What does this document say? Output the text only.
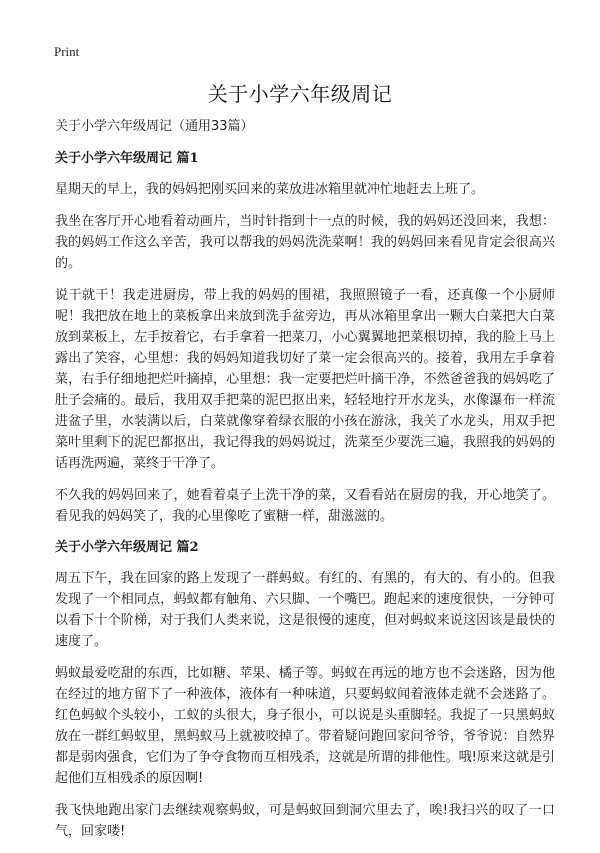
Print
关于小学六年级周记

关于小学六年级周记（通用33篇）

关于小学六年级周记 篇1

星期天的早上，我的妈妈把刚买回来的菜放进冰箱里就冲忙地赶去上班了。

我坐在客厅开心地看着动画片，当时针指到十一点的时候，我的妈妈还没回来，我想：我的妈妈工作这么辛苦，我可以帮我的妈妈洗洗菜啊！我的妈妈回来看见肯定会很高兴的。

说干就干！我走进厨房，带上我的妈妈的围裙，我照照镜子一看，还真像一个小厨师呢！我把放在地上的菜板拿出来放到洗手盆旁边，再从冰箱里拿出一颗大白菜把大白菜放到菜板上，左手按着它，右手拿着一把菜刀，小心翼翼地把菜根切掉，我的脸上马上露出了笑容，心里想：我的妈妈知道我切好了菜一定会很高兴的。接着，我用左手拿着菜，右手仔细地把烂叶摘掉，心里想：我一定要把烂叶摘干净，不然爸爸我的妈妈吃了肚子会痛的。最后，我用双手把菜的泥巴抠出来，轻轻地拧开水龙头，水像瀑布一样流进盆子里，水装满以后，白菜就像穿着绿衣服的小孩在游泳，我关了水龙头，用双手把菜叶里剩下的泥巴都抠出，我记得我的妈妈说过，洗菜至少要洗三遍，我照我的妈妈的话再洗两遍，菜终于干净了。

不久我的妈妈回来了，她看着桌子上洗干净的菜，又看看站在厨房的我，开心地笑了。看见我的妈妈笑了，我的心里像吃了蜜糖一样，甜滋滋的。

关于小学六年级周记 篇2

周五下午，我在回家的路上发现了一群蚂蚁。有红的、有黑的，有大的、有小的。但我发现了一个相同点，蚂蚁都有触角、六只脚、一个嘴巴。跑起来的速度很快，一分钟可以看下十个阶梯，对于我们人类来说，这是很慢的速度，但对蚂蚁来说这因该是最快的速度了。

蚂蚁最爱吃甜的东西，比如糖、苹果、橘子等。蚂蚁在再远的地方也不会迷路，因为他在经过的地方留下了一种液体，液体有一种味道，只要蚂蚁闻着液体走就不会迷路了。红色蚂蚁个头较小，工蚁的头很大，身子很小，可以说是头重脚轻。我捉了一只黑蚂蚁放在一群红蚂蚁里，黑蚂蚁马上就被咬掉了。带着疑问跑回家问爷爷，爷爷说：自然界都是弱肉强食，它们为了争夺食物而互相残杀，这就是所谓的排他性。哦!原来这就是引起他们互相残杀的原因啊!

我飞快地跑出家门去继续观察蚂蚁，可是蚂蚁回到洞穴里去了，唉!我扫兴的叹了一口气，回家喽!
